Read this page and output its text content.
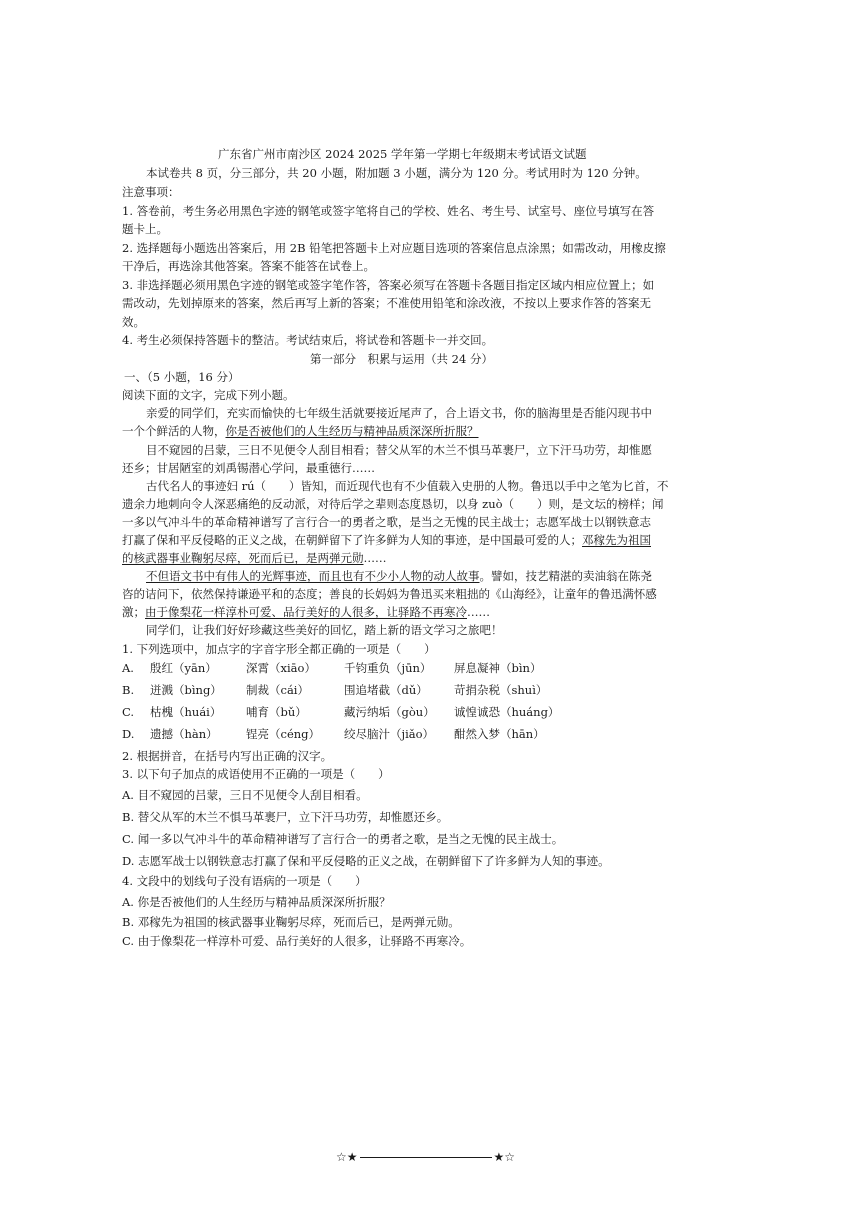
广东省广州市南沙区 2024 2025 学年第一学期七年级期末考试语文试题
本试卷共 8 页，分三部分，共 20 小题，附加题 3 小题，满分为 120 分。考试用时为 120 分钟。
注意事项：
1. 答卷前，考生务必用黑色字迹的钢笔或签字笔将自己的学校、姓名、考生号、试室号、座位号填写在答
题卡上。
2. 选择题每小题选出答案后，用 2B 铅笔把答题卡上对应题目选项的答案信息点涂黑；如需改动，用橡皮擦
干净后，再选涂其他答案。答案不能答在试卷上。
3. 非选择题必须用黑色字迹的钢笔或签字笔作答，答案必须写在答题卡各题目指定区域内相应位置上；如
需改动，先划掉原来的答案，然后再写上新的答案；不准使用铅笔和涂改液，不按以上要求作答的答案无
效。
4. 考生必须保持答题卡的整洁。考试结束后，将试卷和答题卡一并交回。
第一部分　积累与运用（共 24 分）
一、（5 小题，16 分）
阅读下面的文字，完成下列小题。
亲爱的同学们，充实而愉快的七年级生活就要接近尾声了，合上语文书，你的脑海里是否能闪现书中
一个个鲜活的人物，你是否被他们的人生经历与精神品质深深所折服？
目不窥园的吕蒙，三日不见便令人刮目相看；替父从军的木兰不惧马革裹尸，立下汗马功劳，却惟愿
还乡；甘居陋室的刘禹锡潜心学问，最重德行……
古代名人的事迹妇 rú（　　）皆知，而近现代也有不少值载入史册的人物。鲁迅以手中之笔为匕首，不
遗余力地刺向令人深恶痛绝的反动派，对待后学之辈则态度恳切，以身 zuò（　　）则，是文坛的榜样；闻
一多以气冲斗牛的革命精神谱写了言行合一的勇者之歌，是当之无愧的民主战士；志愿军战士以钢铁意志
打赢了保和平反侵略的正义之战，在朝鲜留下了许多鲜为人知的事迹，是中国最可爱的人；邓稼先为祖国
的核武器事业鞠躬尽瘁，死而后已，是两弹元勋……
不但语文书中有伟人的光辉事迹，而且也有不少小人物的动人故事。譬如，技艺精湛的卖油翁在陈尧
咨的诘问下，依然保持谦逊平和的态度；善良的长妈妈为鲁迅买来粗拙的《山海经》，让童年的鲁迅满怀感
激；由于像梨花一样淳朴可爱、品行美好的人很多，让驿路不再寒冷……
同学们，让我们好好珍藏这些美好的回忆，踏上新的语文学习之旅吧！
1. 下列选项中，加点字的字音字形全都正确的一项是（　　）
A. 殷红（yān）	深霄（xiāo） 千钧重负（jūn） 屏息凝神（bìn）
B. 迸溅（bìng） 制裁（cái）	围追堵截（dǔ） 苛捐杂税（shuì）
C. 枯槐（huái） 哺育（bǔ）	藏污纳垢（gòu） 诚惶诚恐（huáng）
D. 遗撼（hàn） 锃亮（céng） 绞尽脑汁（jiǎo） 酣然入梦（hān）
2. 根据拼音，在括号内写出正确的汉字。
3. 以下句子加点的成语使用不正确的一项是（　　）
A. 目不窥园的吕蒙，三日不见便令人刮目相看。
B. 替父从军的木兰不惧马革裹尸，立下汗马功劳，却惟愿还乡。
C. 闻一多以气冲斗牛的革命精神谱写了言行合一的勇者之歌，是当之无愧的民主战士。
D. 志愿军战士以钢铁意志打赢了保和平反侵略的正义之战，在朝鲜留下了许多鲜为人知的事迹。
4. 文段中的划线句子没有语病的一项是（　　）
A. 你是否被他们的人生经历与精神品质深深所折服？
B. 邓稼先为祖国的核武器事业鞠躬尽瘁，死而后已，是两弹元勋。
C. 由于像梨花一样淳朴可爱、品行美好的人很多，让驿路不再寒冷。
☆★	★☆
